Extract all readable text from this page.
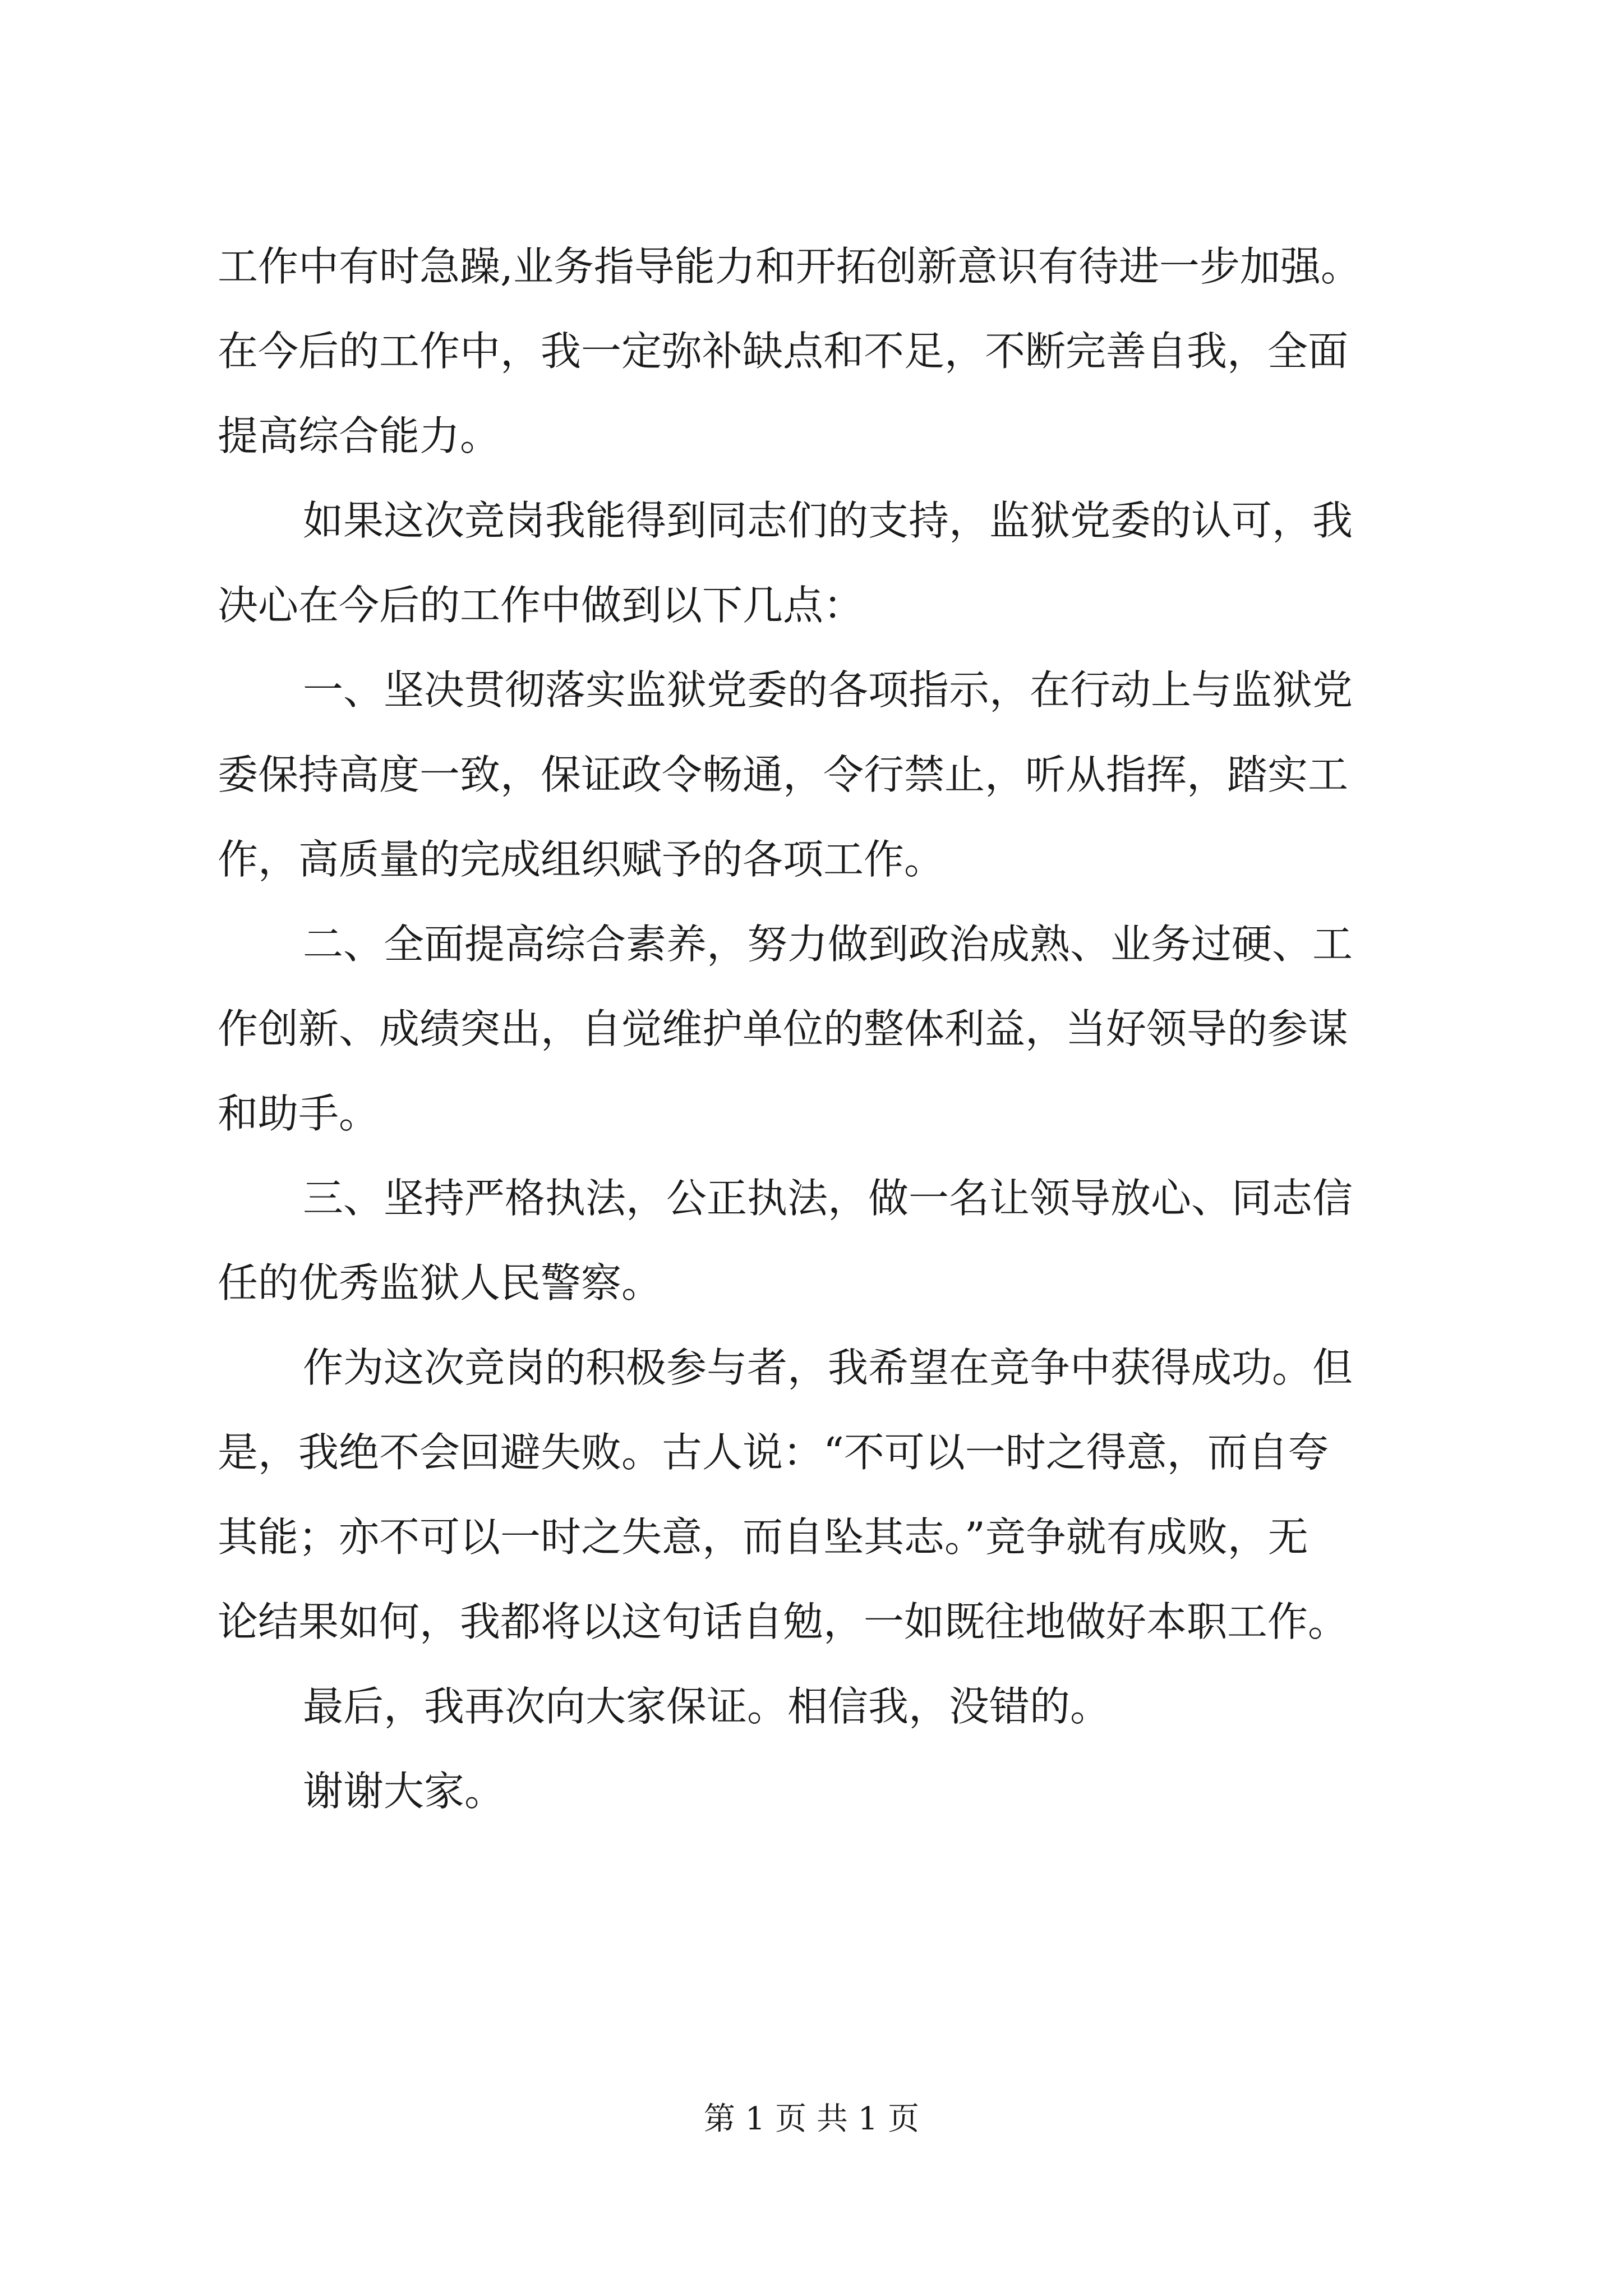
工作中有时急躁,业务指导能力和开拓创新意识有待进一步加强。
在今后的工作中，我一定弥补缺点和不足，不断完善自我，全面
提高综合能力。
如果这次竞岗我能得到同志们的支持，监狱党委的认可，我
决心在今后的工作中做到以下几点：
一、坚决贯彻落实监狱党委的各项指示，在行动上与监狱党
委保持高度一致，保证政令畅通，令行禁止，听从指挥，踏实工
作，高质量的完成组织赋予的各项工作。
二、全面提高综合素养，努力做到政治成熟、业务过硬、工
作创新、成绩突出，自觉维护单位的整体利益，当好领导的参谋
和助手。
三、坚持严格执法，公正执法，做一名让领导放心、同志信
任的优秀监狱人民警察。
作为这次竞岗的积极参与者，我希望在竞争中获得成功。但
是，我绝不会回避失败。古人说：“不可以一时之得意，而自夸
其能；亦不可以一时之失意，而自坠其志。”竞争就有成败，无
论结果如何，我都将以这句话自勉，一如既往地做好本职工作。
最后，我再次向大家保证。相信我，没错的。
谢谢大家。
第 1 页 共 1 页
